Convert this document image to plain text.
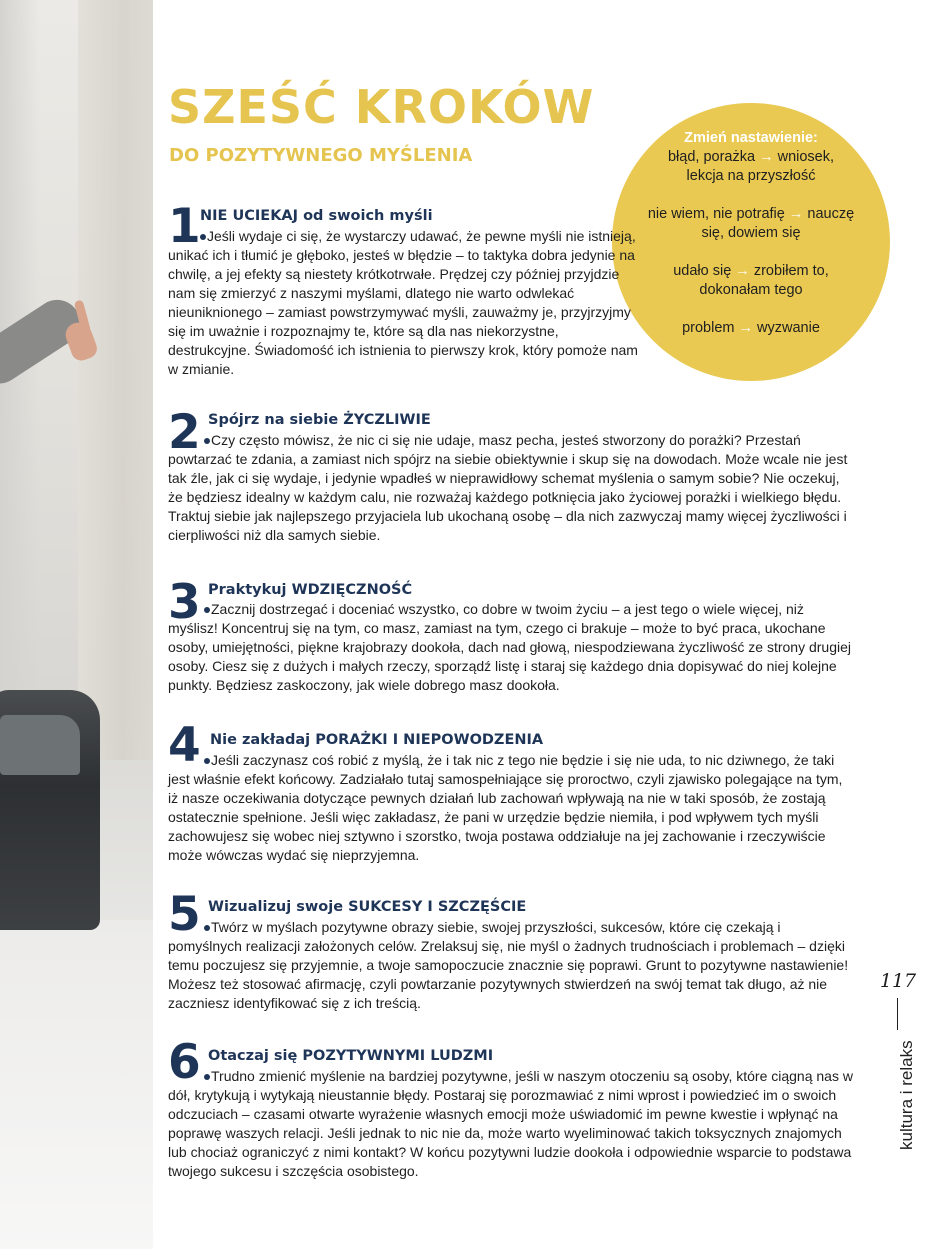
SZEŚĆ KROKÓW
DO POZYTYWNEGO MYŚLENIA
Zmień nastawienie:
błąd, porażka → wniosek,
lekcja na przyszłość
nie wiem, nie potrafię → nauczę
się, dowiem się
udało się → zrobiłem to,
dokonałam tego
problem → wyzwanie
1 NIE UCIEKAJ od swoich myśli

Jeśli wydaje ci się, że wystarczy udawać, że pewne myśli nie istnieją, unikać ich i tłumić je głęboko, jesteś w błędzie – to taktyka dobra jedynie na chwilę, a jej efekty są niestety krótkotrwałe. Prędzej czy później przyjdzie nam się zmierzyć z naszymi myślami, dlatego nie warto odwlekać nieuniknionego – zamiast powstrzymywać myśli, zauważmy je, przyjrzyjmy się im uważnie i rozpoznajmy te, które są dla nas niekorzystne, destrukcyjne. Świadomość ich istnienia to pierwszy krok, który pomoże nam w zmianie.

2 Spójrz na siebie ŻYCZLIWIE

Czy często mówisz, że nic ci się nie udaje, masz pecha, jesteś stworzony do porażki? Przestań powtarzać te zdania, a zamiast nich spójrz na siebie obiektywnie i skup się na dowodach. Może wcale nie jest tak źle, jak ci się wydaje, i jedynie wpadłeś w nieprawidłowy schemat myślenia o samym sobie? Nie oczekuj, że będziesz idealny w każdym calu, nie rozważaj każdego potknięcia jako życiowej porażki i wielkiego błędu. Traktuj siebie jak najlepszego przyjaciela lub ukochaną osobę – dla nich zazwyczaj mamy więcej życzliwości i cierpliwości niż dla samych siebie.

3 Praktykuj WDZIĘCZNOŚĆ

Zacznij dostrzegać i doceniać wszystko, co dobre w twoim życiu – a jest tego o wiele więcej, niż myślisz! Koncentruj się na tym, co masz, zamiast na tym, czego ci brakuje – może to być praca, ukochane osoby, umiejętności, piękne krajobrazy dookoła, dach nad głową, niespodziewana życzliwość ze strony drugiej osoby. Ciesz się z dużych i małych rzeczy, sporządź listę i staraj się każdego dnia dopisywać do niej kolejne punkty. Będziesz zaskoczony, jak wiele dobrego masz dookoła.

4 Nie zakładaj PORAŻKI I NIEPOWODZENIA

Jeśli zaczynasz coś robić z myślą, że i tak nic z tego nie będzie i się nie uda, to nic dziwnego, że taki jest właśnie efekt końcowy. Zadziałało tutaj samospełniające się proroctwo, czyli zjawisko polegające na tym, iż nasze oczekiwania dotyczące pewnych działań lub zachowań wpływają na nie w taki sposób, że zostają ostatecznie spełnione. Jeśli więc zakładasz, że pani w urzędzie będzie niemiła, i pod wpływem tych myśli zachowujesz się wobec niej sztywno i szorstko, twoja postawa oddziałuje na jej zachowanie i rzeczywiście może wówczas wydać się nieprzyjemna.

5 Wizualizuj swoje SUKCESY I SZCZĘŚCIE

Twórz w myślach pozytywne obrazy siebie, swojej przyszłości, sukcesów, które cię czekają i pomyślnych realizacji założonych celów. Zrelaksuj się, nie myśl o żadnych trudnościach i problemach – dzięki temu poczujesz się przyjemnie, a twoje samopoczucie znacznie się poprawi. Grunt to pozytywne nastawienie! Możesz też stosować afirmację, czyli powtarzanie pozytywnych stwierdzeń na swój temat tak długo, aż nie zaczniesz identyfikować się z ich treścią.

6 Otaczaj się POZYTYWNYMI LUDZMI

Trudno zmienić myślenie na bardziej pozytywne, jeśli w naszym otoczeniu są osoby, które ciągną nas w dół, krytykują i wytykają nieustannie błędy. Postaraj się porozmawiać z nimi wprost i powiedzieć im o swoich odczuciach – czasami otwarte wyrażenie własnych emocji może uświadomić im pewne kwestie i wpłynąć na poprawę waszych relacji. Jeśli jednak to nic nie da, może warto wyeliminować takich toksycznych znajomych lub chociaż ograniczyć z nimi kontakt? W końcu pozytywni ludzie dookoła i odpowiednie wsparcie to podstawa twojego sukcesu i szczęścia osobistego.

117
kultura i relaks
